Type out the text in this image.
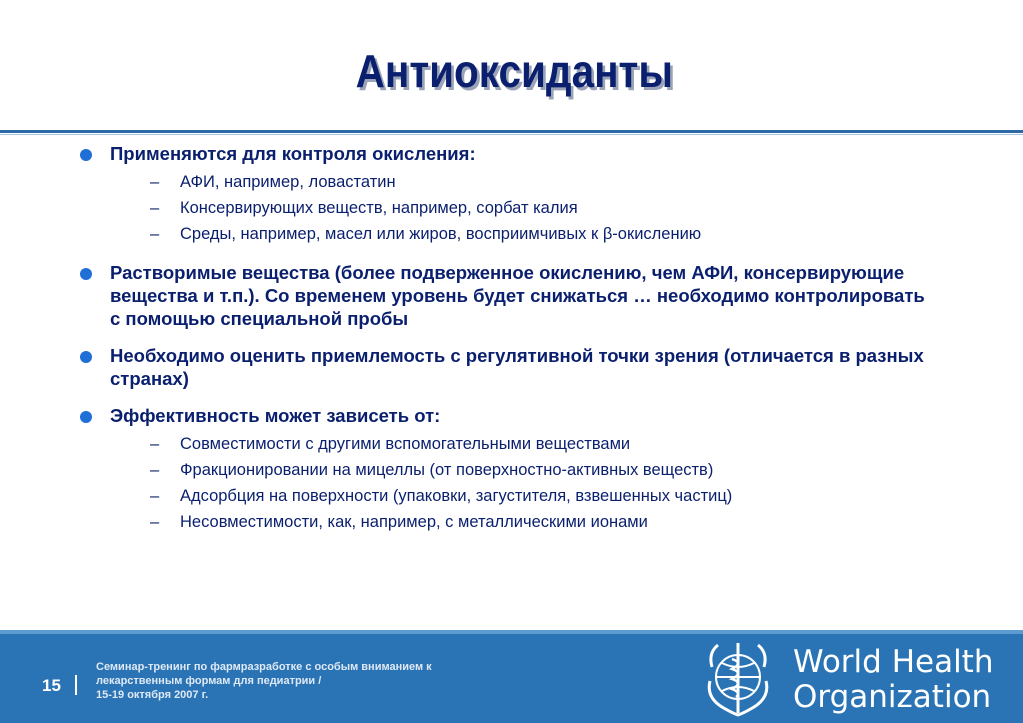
Антиоксиданты
Применяются для контроля окисления:
– АФИ, например, ловастатин
– Консервирующих веществ, например, сорбат калия
– Среды, например, масел или жиров, восприимчивых к β-окислению
Растворимые вещества (более подверженное окислению, чем АФИ, консервирующие
вещества и т.п.). Со временем уровень будет снижаться … необходимо контролировать
с помощью специальной пробы
Необходимо оценить приемлемость с регулятивной точки зрения (отличается в разных
странах)
Эффективность может зависеть от:
– Совместимости с другими вспомогательными веществами
– Фракционировании на мицеллы (от поверхностно-активных веществ)
– Адсорбция на поверхности (упаковки, загустителя, взвешенных частиц)
– Несовместимости, как, например, с металлическими ионами
15
Семинар-тренинг по фармразработке с особым вниманием к
лекарственным формам для педиатрии /
15-19 октября 2007 г.
World Health
Organization
